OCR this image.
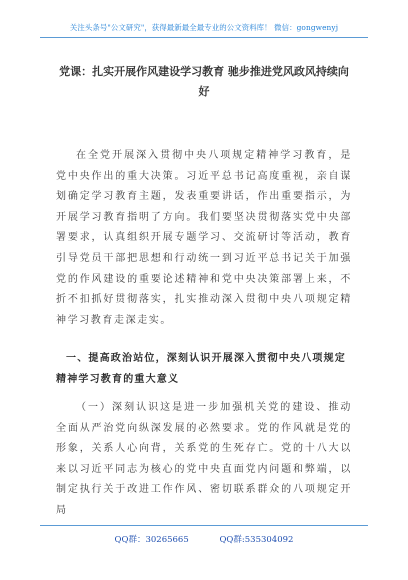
关注头条号"公文研究"，获得最新最全最专业的公文资料库！ 微信：gongwenyj
党课：扎实开展作风建设学习教育 驰步推进党风政风持续向好
在全党开展深入贯彻中央八项规定精神学习教育，是党中央作出的重大决策。习近平总书记高度重视，亲自谋划确定学习教育主题，发表重要讲话，作出重要指示，为开展学习教育指明了方向。我们要坚决贯彻落实党中央部署要求，认真组织开展专题学习、交流研讨等活动，教育引导党员干部把思想和行动统一到习近平总书记关于加强党的作风建设的重要论述精神和党中央决策部署上来，不折不扣抓好贯彻落实，扎实推动深入贯彻中央八项规定精神学习教育走深走实。
一、提高政治站位，深刻认识开展深入贯彻中央八项规定精神学习教育的重大意义
（一）深刻认识这是进一步加强机关党的建设、推动全面从严治党向纵深发展的必然要求。党的作风就是党的形象，关系人心向背，关系党的生死存亡。党的十八大以来以习近平同志为核心的党中央直面党内问题和弊端，以制定执行关于改进工作作风、密切联系群众的八项规定开局
QQ群：30265665	QQ群:535304092
